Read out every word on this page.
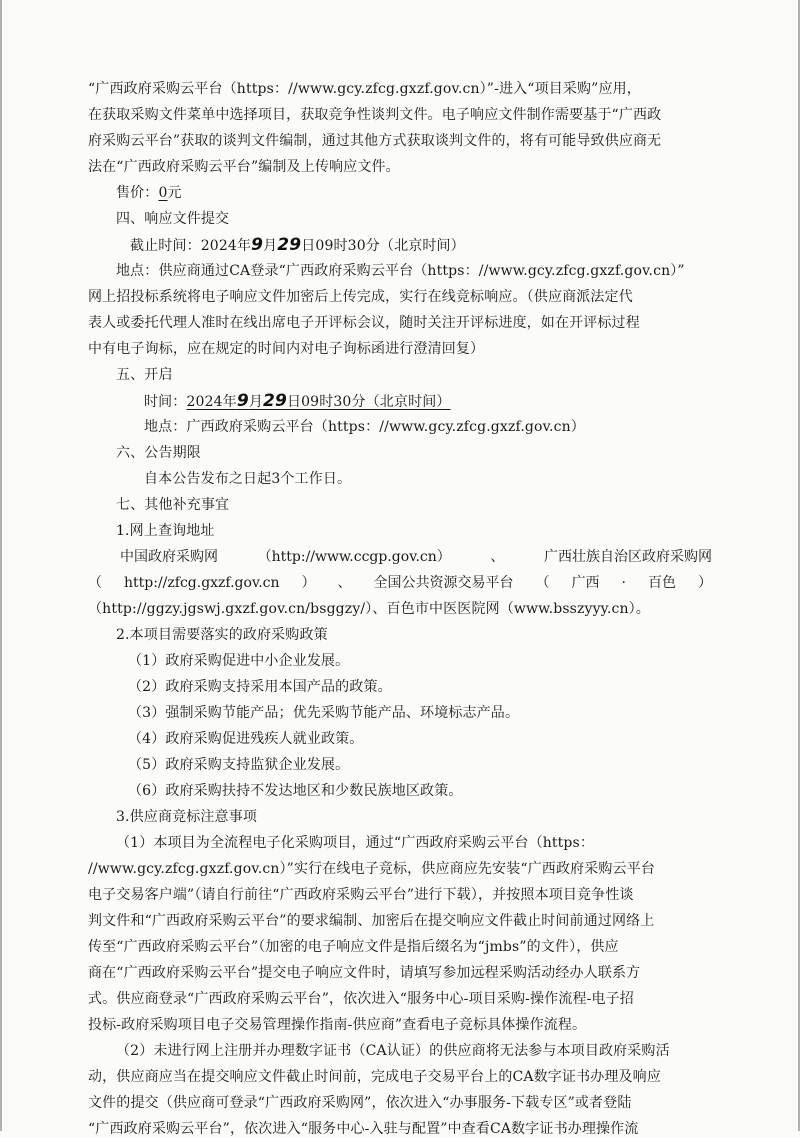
“广西政府采购云平台（https：//www.gcy.zfcg.gxzf.gov.cn）”-进入“项目采购”应用，
在获取采购文件菜单中选择项目，获取竞争性谈判文件。电子响应文件制作需要基于“广西政
府采购云平台”获取的谈判文件编制，通过其他方式获取谈判文件的，将有可能导致供应商无
法在“广西政府采购云平台”编制及上传响应文件。
售价：0元
四、响应文件提交
截止时间：2024年9月29日09时30分（北京时间）
地点：供应商通过CA登录“广西政府采购云平台（https：//www.gcy.zfcg.gxzf.gov.cn）”
网上招投标系统将电子响应文件加密后上传完成，实行在线竞标响应。（供应商派法定代
表人或委托代理人准时在线出席电子开评标会议，随时关注开评标进度，如在开评标过程
中有电子询标，应在规定的时间内对电子询标函进行澄清回复）
五、开启
时间：2024年9月29日09时30分（北京时间）
地点：广西政府采购云平台（https：//www.gcy.zfcg.gxzf.gov.cn）
六、公告期限
自本公告发布之日起3个工作日。
七、其他补充事宜
1.网上查询地址
中国政府采购网	（http://www.ccgp.gov.cn）	、	广西壮族自治区政府采购网
（ http://zfcg.gxzf.gov.cn ） 、 全国公共资源交易平台 （ 广西 · 百色 ）
（http://ggzy.jgswj.gxzf.gov.cn/bsggzy/）、百色市中医医院网（www.bsszyyy.cn）。
2.本项目需要落实的政府采购政策
（1）政府采购促进中小企业发展。
（2）政府采购支持采用本国产品的政策。
（3）强制采购节能产品；优先采购节能产品、环境标志产品。
（4）政府采购促进残疾人就业政策。
（5）政府采购支持监狱企业发展。
（6）政府采购扶持不发达地区和少数民族地区政策。
3.供应商竞标注意事项
（1）本项目为全流程电子化采购项目，通过“广西政府采购云平台（https：
//www.gcy.zfcg.gxzf.gov.cn）”实行在线电子竞标，供应商应先安装“广西政府采购云平台
电子交易客户端”（请自行前往“广西政府采购云平台”进行下载），并按照本项目竞争性谈
判文件和“广西政府采购云平台”的要求编制、加密后在提交响应文件截止时间前通过网络上
传至“广西政府采购云平台”（加密的电子响应文件是指后缀名为“jmbs”的文件），供应
商在“广西政府采购云平台”提交电子响应文件时，请填写参加远程采购活动经办人联系方
式。供应商登录“广西政府采购云平台”，依次进入“服务中心-项目采购-操作流程-电子招
投标-政府采购项目电子交易管理操作指南-供应商”查看电子竞标具体操作流程。
（2）未进行网上注册并办理数字证书（CA认证）的供应商将无法参与本项目政府采购活
动，供应商应当在提交响应文件截止时间前，完成电子交易平台上的CA数字证书办理及响应
文件的提交（供应商可登录“广西政府采购网”，依次进入“办事服务-下载专区”或者登陆
“广西政府采购云平台”，依次进入“服务中心-入驻与配置”中查看CA数字证书办理操作流
